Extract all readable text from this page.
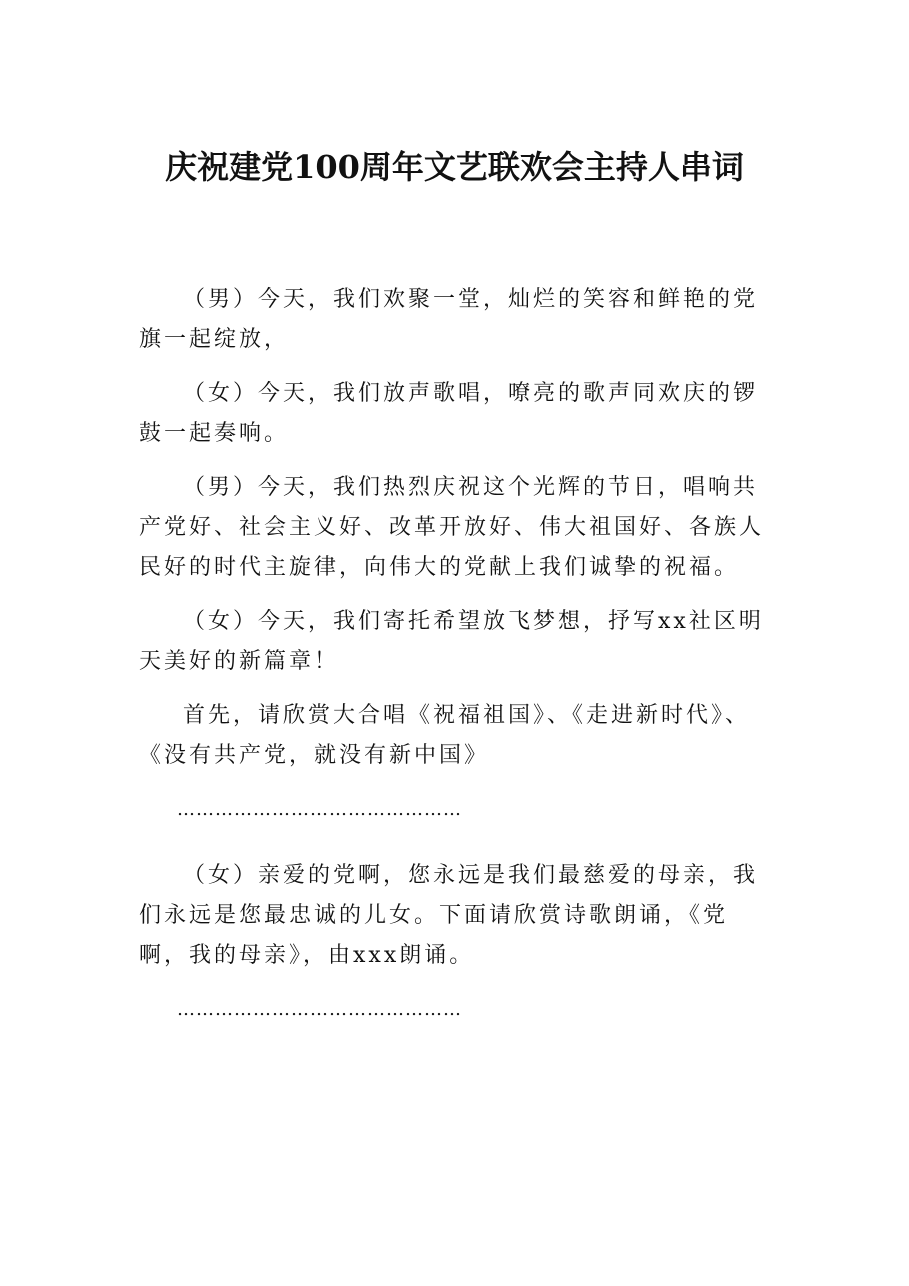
庆祝建党100周年文艺联欢会主持人串词

（男）今天，我们欢聚一堂，灿烂的笑容和鲜艳的党旗一起绽放，

（女）今天，我们放声歌唱，嘹亮的歌声同欢庆的锣鼓一起奏响。

（男）今天，我们热烈庆祝这个光辉的节日，唱响共产党好、社会主义好、改革开放好、伟大祖国好、各族人民好的时代主旋律，向伟大的党献上我们诚挚的祝福。

（女）今天，我们寄托希望放飞梦想，抒写xx社区明天美好的新篇章！

首先，请欣赏大合唱《祝福祖国》、《走进新时代》、《没有共产党，就没有新中国》

………………………………………

（女）亲爱的党啊，您永远是我们最慈爱的母亲，我们永远是您最忠诚的儿女。下面请欣赏诗歌朗诵，《党啊，我的母亲》，由xxx朗诵。

………………………………………
